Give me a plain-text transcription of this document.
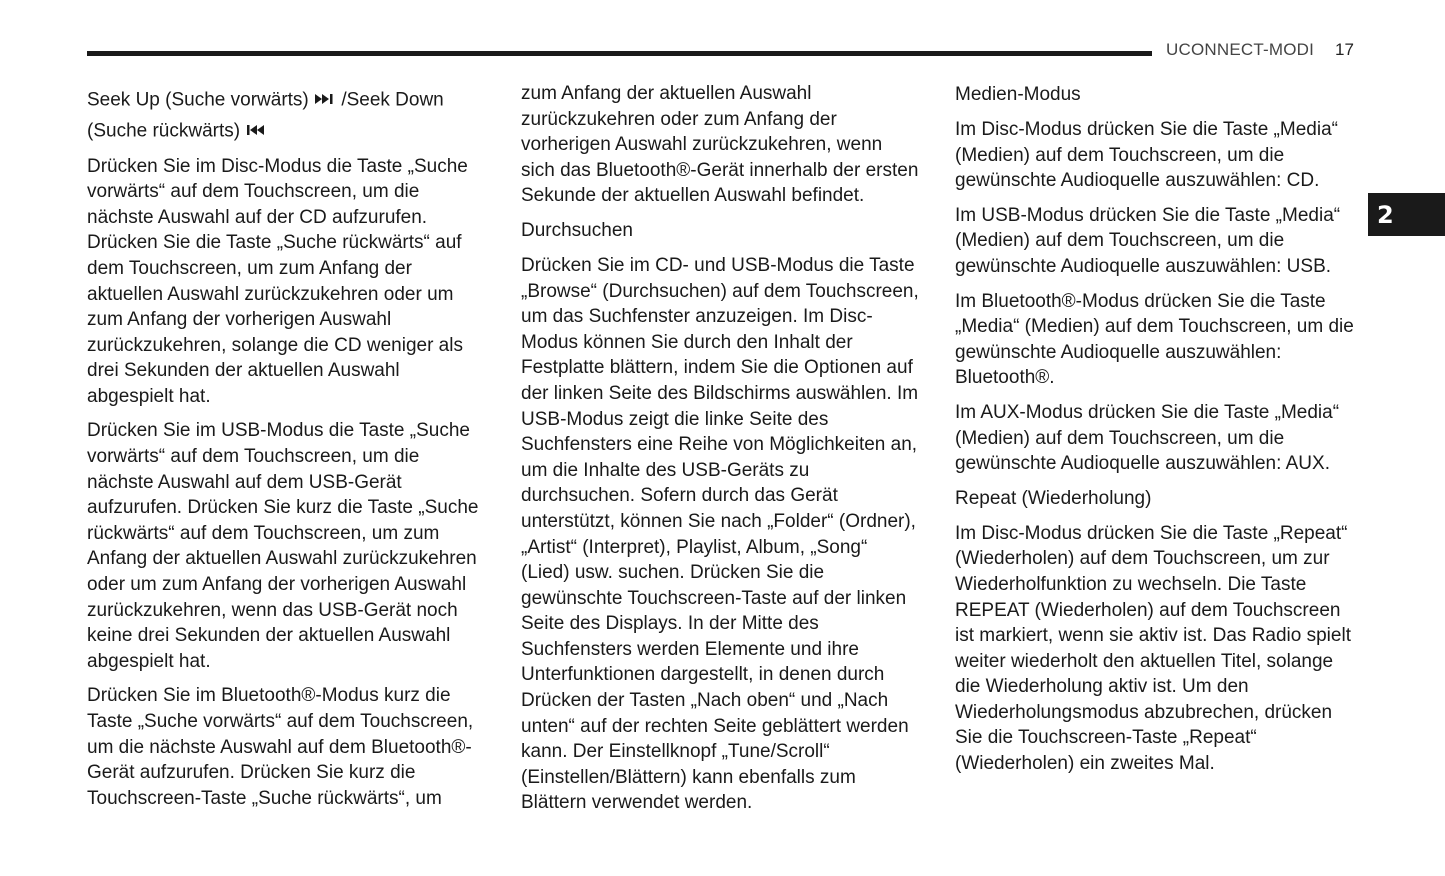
UCONNECT-MODI 17
2
Seek Up (Suche vorwärts) /Seek Down
(Suche rückwärts)

Drücken Sie im Disc-Modus die Taste „Suche vorwärts“ auf dem Touchscreen, um die nächste Auswahl auf der CD aufzurufen. Drücken Sie die Taste „Suche rückwärts“ auf dem Touchscreen, um zum Anfang der aktuellen Auswahl zurückzukehren oder um zum Anfang der vorherigen Auswahl zurückzukehren, solange die CD weniger als drei Sekunden der aktuellen Auswahl abgespielt hat.

Drücken Sie im USB-Modus die Taste „Suche vorwärts“ auf dem Touchscreen, um die nächste Auswahl auf dem USB-Gerät aufzurufen. Drücken Sie kurz die Taste „Suche rückwärts“ auf dem Touchscreen, um zum Anfang der aktuellen Auswahl zurückzukehren oder um zum Anfang der vorherigen Auswahl zurückzukehren, wenn das USB-Gerät noch keine drei Sekunden der aktuellen Auswahl abgespielt hat.

Drücken Sie im Bluetooth®-Modus kurz die Taste „Suche vorwärts“ auf dem Touchscreen, um die nächste Auswahl auf dem Bluetooth®-Gerät aufzurufen. Drücken Sie kurz die Touchscreen-Taste „Suche rückwärts“, um

zum Anfang der aktuellen Auswahl zurückzukehren oder zum Anfang der vorherigen Auswahl zurückzukehren, wenn sich das Bluetooth®-Gerät innerhalb der ersten Sekunde der aktuellen Auswahl befindet.

Durchsuchen

Drücken Sie im CD- und USB-Modus die Taste „Browse“ (Durchsuchen) auf dem Touchscreen, um das Suchfenster anzuzeigen. Im Disc-Modus können Sie durch den Inhalt der Festplatte blättern, indem Sie die Optionen auf der linken Seite des Bildschirms auswählen. Im USB-Modus zeigt die linke Seite des Suchfensters eine Reihe von Möglichkeiten an, um die Inhalte des USB-Geräts zu durchsuchen. Sofern durch das Gerät unterstützt, können Sie nach „Folder“ (Ordner), „Artist“ (Interpret), Playlist, Album, „Song“ (Lied) usw. suchen. Drücken Sie die gewünschte Touchscreen-Taste auf der linken Seite des Displays. In der Mitte des Suchfensters werden Elemente und ihre Unterfunktionen dargestellt, in denen durch Drücken der Tasten „Nach oben“ und „Nach unten“ auf der rechten Seite geblättert werden kann. Der Einstellknopf „Tune/Scroll“ (Einstellen/Blättern) kann ebenfalls zum Blättern verwendet werden.

Medien-Modus

Im Disc-Modus drücken Sie die Taste „Media“ (Medien) auf dem Touchscreen, um die gewünschte Audioquelle auszuwählen: CD.

Im USB-Modus drücken Sie die Taste „Media“ (Medien) auf dem Touchscreen, um die gewünschte Audioquelle auszuwählen: USB.

Im Bluetooth®-Modus drücken Sie die Taste „Media“ (Medien) auf dem Touchscreen, um die gewünschte Audioquelle auszuwählen: Bluetooth®.

Im AUX-Modus drücken Sie die Taste „Media“ (Medien) auf dem Touchscreen, um die gewünschte Audioquelle auszuwählen: AUX.

Repeat (Wiederholung)

Im Disc-Modus drücken Sie die Taste „Repeat“ (Wiederholen) auf dem Touchscreen, um zur Wiederholfunktion zu wechseln. Die Taste REPEAT (Wiederholen) auf dem Touchscreen ist markiert, wenn sie aktiv ist. Das Radio spielt weiter wiederholt den aktuellen Titel, solange die Wiederholung aktiv ist. Um den Wiederholungsmodus abzubrechen, drücken Sie die Touchscreen-Taste „Repeat“ (Wiederholen) ein zweites Mal.
